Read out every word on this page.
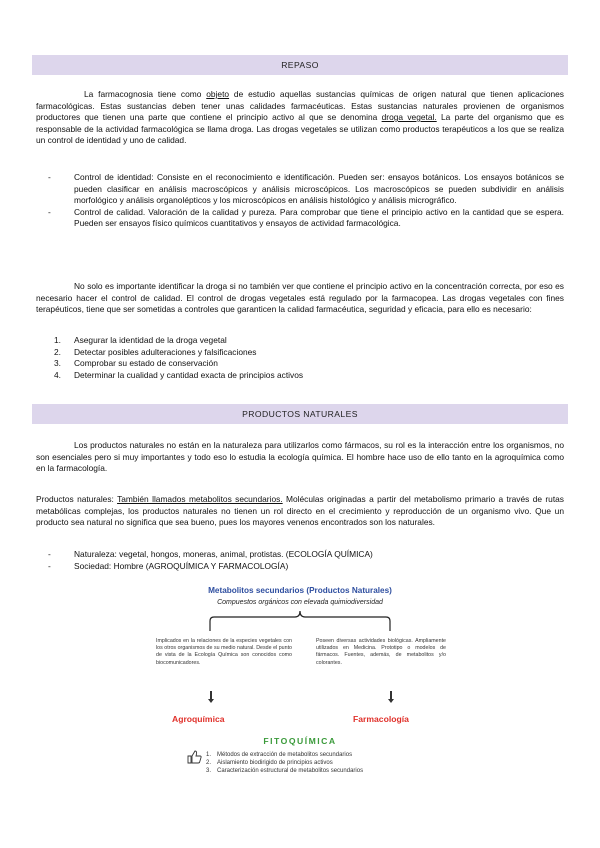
REPASO

La farmacognosia tiene como objeto de estudio aquellas sustancias químicas de origen natural que tienen aplicaciones farmacológicas. Estas sustancias deben tener unas calidades farmacéuticas. Estas sustancias naturales provienen de organismos productores que tienen una parte que contiene el principio activo al que se denomina droga vegetal. La parte del organismo que es responsable de la actividad farmacológica se llama droga. Las drogas vegetales se utilizan como productos terapéuticos a los que se realiza un control de identidad y uno de calidad.

- Control de identidad: Consiste en el reconocimiento e identificación. Pueden ser: ensayos botánicos. Los ensayos botánicos se pueden clasificar en análisis macroscópicos y análisis microscópicos. Los macroscópicos se pueden subdividir en análisis morfológico y análisis organolépticos y los microscópicos en análisis histológico y análisis micrográfico.
- Control de calidad. Valoración de la calidad y pureza. Para comprobar que tiene el principio activo en la cantidad que se espera. Pueden ser ensayos físico químicos cuantitativos y ensayos de actividad farmacológica.

No solo es importante identificar la droga si no también ver que contiene el principio activo en la concentración correcta, por eso es necesario hacer el control de calidad. El control de drogas vegetales está regulado por la farmacopea. Las drogas vegetales con fines terapéuticos, tiene que ser sometidas a controles que garanticen la calidad farmacéutica, seguridad y eficacia, para ello es necesario:

1. Asegurar la identidad de la droga vegetal
2. Detectar posibles adulteraciones y falsificaciones
3. Comprobar su estado de conservación
4. Determinar la cualidad y cantidad exacta de principios activos
PRODUCTOS NATURALES

Los productos naturales no están en la naturaleza para utilizarlos como fármacos, su rol es la interacción entre los organismos, no son esenciales pero si muy importantes y todo eso lo estudia la ecología química. El hombre hace uso de ello tanto en la agroquímica como en la farmacología.

Productos naturales: También llamados metabolitos secundarios. Moléculas originadas a partir del metabolismo primario a través de rutas metabólicas complejas, los productos naturales no tienen un rol directo en el crecimiento y reproducción de un organismo vivo. Que un producto sea natural no significa que sea bueno, pues los mayores venenos encontrados son los naturales.

- Naturaleza: vegetal, hongos, moneras, animal, protistas. (ECOLOGÍA QUÍMICA)
- Sociedad: Hombre (AGROQUÍMICA Y FARMACOLOGÍA)
Metabolitos secundarios (Productos Naturales)
Compuestos orgánicos con elevada quimiodiversidad
Implicados en la relaciones de la especies vegetales con los otros organismos de su medio natural. Desde el punto de vista de la Ecología Química son conocidos como biocomunicadores.
Poseen diversas actividades biológicas. Ampliamente utilizados en Medicina. Prototipo o modelos de fármacos. Fuentes, además, de metabolitos y/o colorantes.
Agroquímica	Farmacología
FITOQUÍMICA
1. Métodos de extracción de metabolitos secundarios
2. Aislamiento biodirigido de principios activos
3. Caracterización estructural de metabolitos secundarios
